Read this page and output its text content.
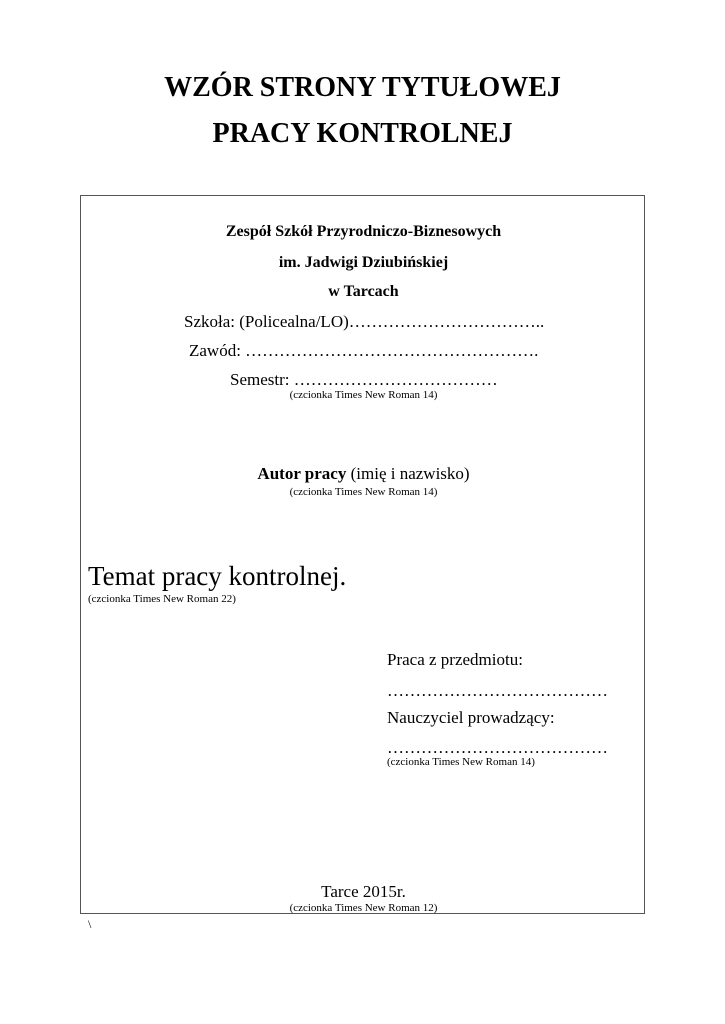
WZÓR STRONY TYTUŁOWEJ
PRACY KONTROLNEJ
Zespół Szkół Przyrodniczo-Biznesowych
im. Jadwigi Dziubińskiej
w Tarcach
Szkoła: (Policealna/LO)……………………………..
Zawód: …………………………………………….
Semestr: ………………………………
(czcionka Times New Roman 14)
Autor pracy (imię i nazwisko)
(czcionka Times New Roman 14)
Temat pracy kontrolnej.
(czcionka Times New Roman 22)
Praca z przedmiotu:
…………………………………
Nauczyciel prowadzący:
…………………………………
(czcionka Times New Roman 14)
Tarce 2015r.
(czcionka Times New Roman 12)
\
